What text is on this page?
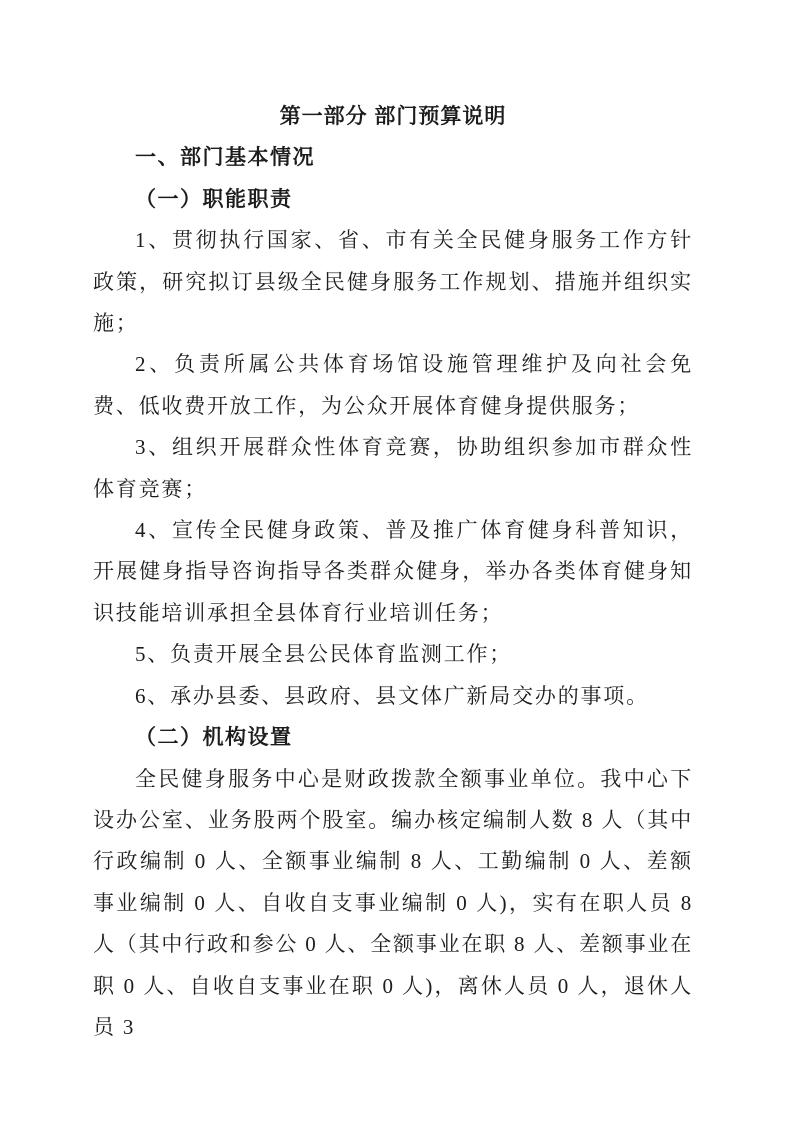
第一部分 部门预算说明

一、部门基本情况

（一）职能职责

1、贯彻执行国家、省、市有关全民健身服务工作方针政策，研究拟订县级全民健身服务工作规划、措施并组织实施；

2、负责所属公共体育场馆设施管理维护及向社会免费、低收费开放工作，为公众开展体育健身提供服务；

3、组织开展群众性体育竞赛，协助组织参加市群众性体育竞赛；

4、宣传全民健身政策、普及推广体育健身科普知识，开展健身指导咨询指导各类群众健身，举办各类体育健身知识技能培训承担全县体育行业培训任务；

5、负责开展全县公民体育监测工作；

6、承办县委、县政府、县文体广新局交办的事项。

（二）机构设置

全民健身服务中心是财政拨款全额事业单位。我中心下设办公室、业务股两个股室。编办核定编制人数 8 人（其中行政编制 0 人、全额事业编制 8 人、工勤编制 0 人、差额事业编制 0 人、自收自支事业编制 0 人)，实有在职人员 8 人（其中行政和参公 0 人、全额事业在职 8 人、差额事业在职 0 人、自收自支事业在职 0 人)，离休人员 0 人，退休人员 3
